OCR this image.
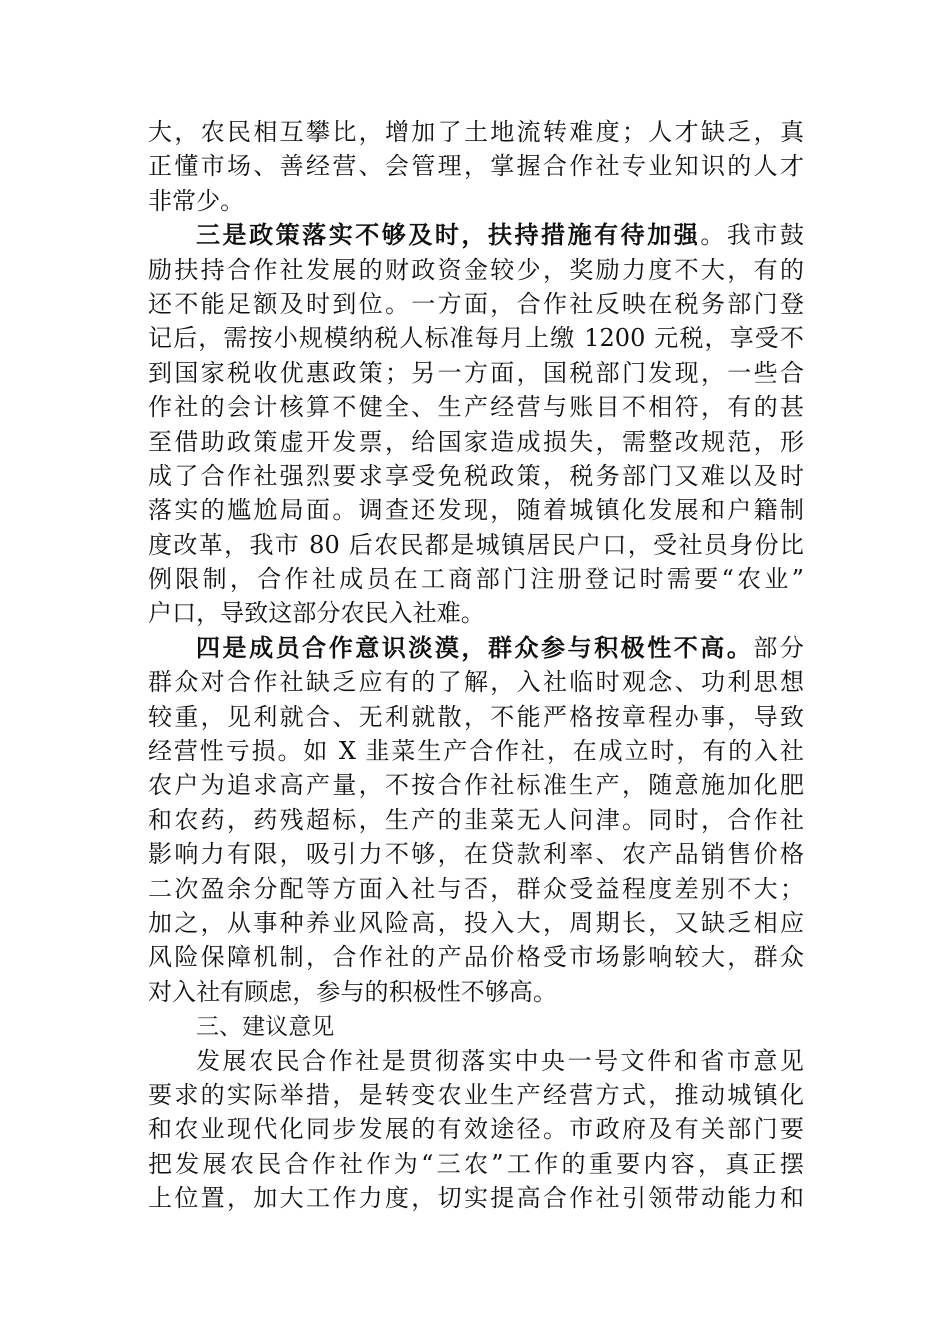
大，农民相互攀比，增加了土地流转难度；人才缺乏，真
正懂市场、善经营、会管理，掌握合作社专业知识的人才
非常少。
三是政策落实不够及时，扶持措施有待加强。我市鼓
励扶持合作社发展的财政资金较少，奖励力度不大，有的
还不能足额及时到位。一方面，合作社反映在税务部门登
记后，需按小规模纳税人标准每月上缴 1200 元税，享受不
到国家税收优惠政策；另一方面，国税部门发现，一些合
作社的会计核算不健全、生产经营与账目不相符，有的甚
至借助政策虚开发票，给国家造成损失，需整改规范，形
成了合作社强烈要求享受免税政策，税务部门又难以及时
落实的尴尬局面。调查还发现，随着城镇化发展和户籍制
度改革，我市 80 后农民都是城镇居民户口，受社员身份比
例限制，合作社成员在工商部门注册登记时需要“农业”
户口，导致这部分农民入社难。
四是成员合作意识淡漠，群众参与积极性不高。部分
群众对合作社缺乏应有的了解，入社临时观念、功利思想
较重，见利就合、无利就散，不能严格按章程办事，导致
经营性亏损。如 X 韭菜生产合作社，在成立时，有的入社
农户为追求高产量，不按合作社标准生产，随意施加化肥
和农药，药残超标，生产的韭菜无人问津。同时，合作社
影响力有限，吸引力不够，在贷款利率、农产品销售价格
二次盈余分配等方面入社与否，群众受益程度差别不大；
加之，从事种养业风险高，投入大，周期长，又缺乏相应
风险保障机制，合作社的产品价格受市场影响较大，群众
对入社有顾虑，参与的积极性不够高。
三、建议意见
发展农民合作社是贯彻落实中央一号文件和省市意见
要求的实际举措，是转变农业生产经营方式，推动城镇化
和农业现代化同步发展的有效途径。市政府及有关部门要
把发展农民合作社作为“三农”工作的重要内容，真正摆
上位置，加大工作力度，切实提高合作社引领带动能力和
